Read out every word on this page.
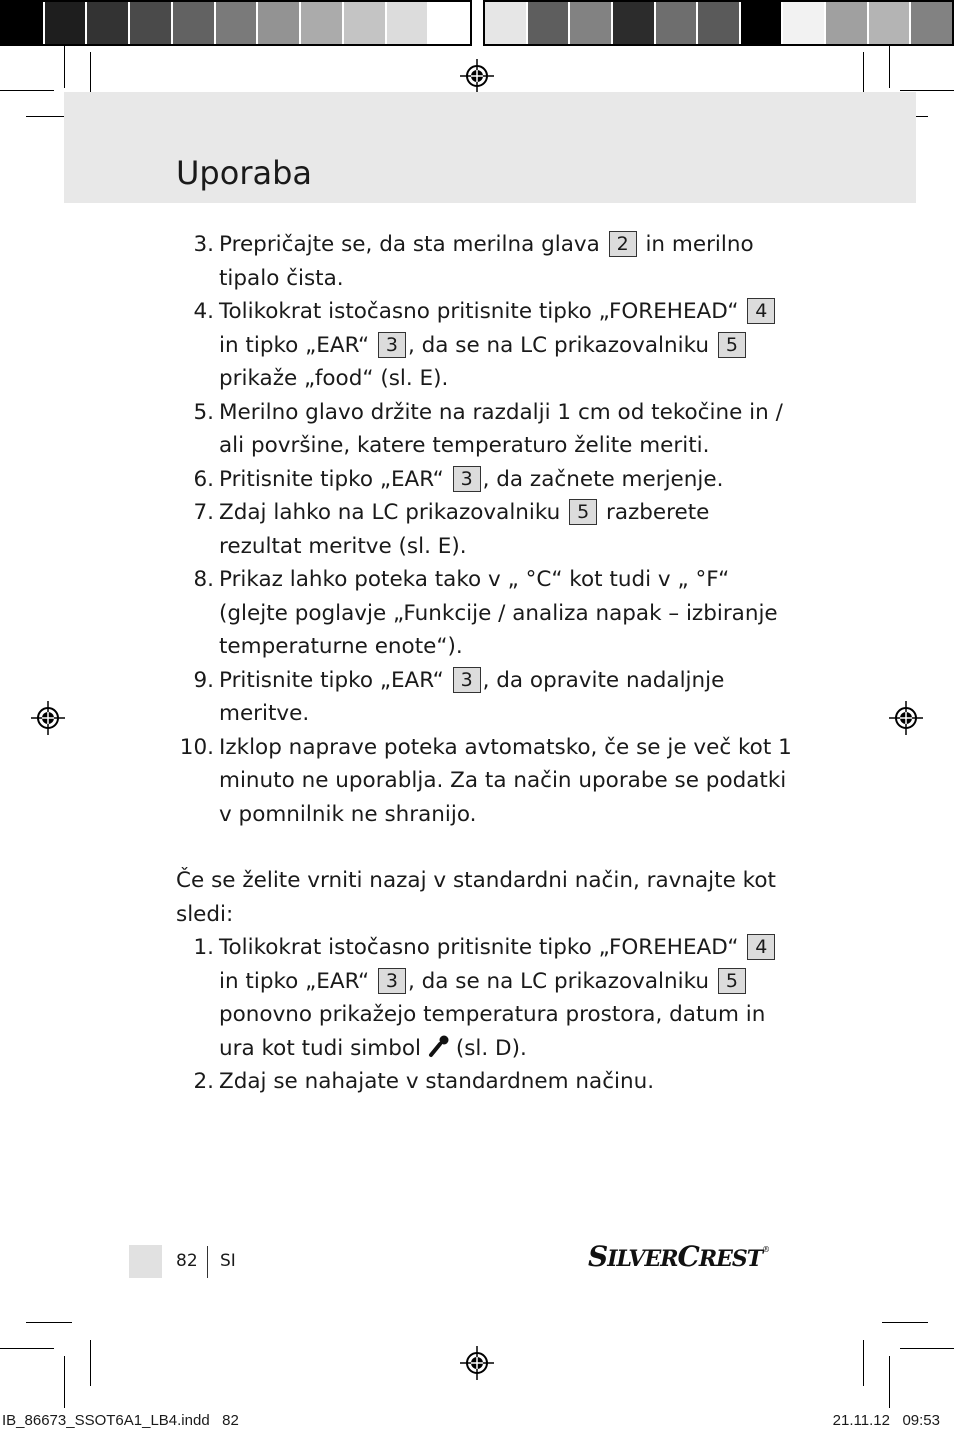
Uporaba
3. Prepričajte se, da sta merilna glava 2 in merilno tipalo čista.
4. Tolikokrat istočasno pritisnite tipko „FOREHEAD“ 4 in tipko „EAR“ 3 , da se na LC prikazovalniku 5 prikaže „food“ (sl. E).
5. Merilno glavo držite na razdalji 1 cm od tekočine in / ali površine, katere temperaturo želite meriti.
6. Pritisnite tipko „EAR“ 3 , da začnete merjenje.
7. Zdaj lahko na LC prikazovalniku 5 razberete rezultat meritve (sl. E).
8. Prikaz lahko poteka tako v „ °C“ kot tudi v „ °F“ (glejte poglavje „Funkcije / analiza napak – izbiranje temperaturne enote“).
9. Pritisnite tipko „EAR“ 3 , da opravite nadaljnje meritve.
10. Izklop naprave poteka avtomatsko, če se je več kot 1 minuto ne uporablja. Za ta način uporabe se podatki v pomnilnik ne shranijo.
Če se želite vrniti nazaj v standardni način, ravnajte kot sledi:
1. Tolikokrat istočasno pritisnite tipko „FOREHEAD“ 4 in tipko „EAR“ 3 , da se na LC prikazovalniku 5 ponovno prikažejo temperatura prostora, datum in ura kot tudi simbol (sl. D).
2. Zdaj se nahajate v standardnem načinu.
82 SI	SILVERCREST®
IB_86673_SSOT6A1_LB4.indd   82	21.11.12   09:53
